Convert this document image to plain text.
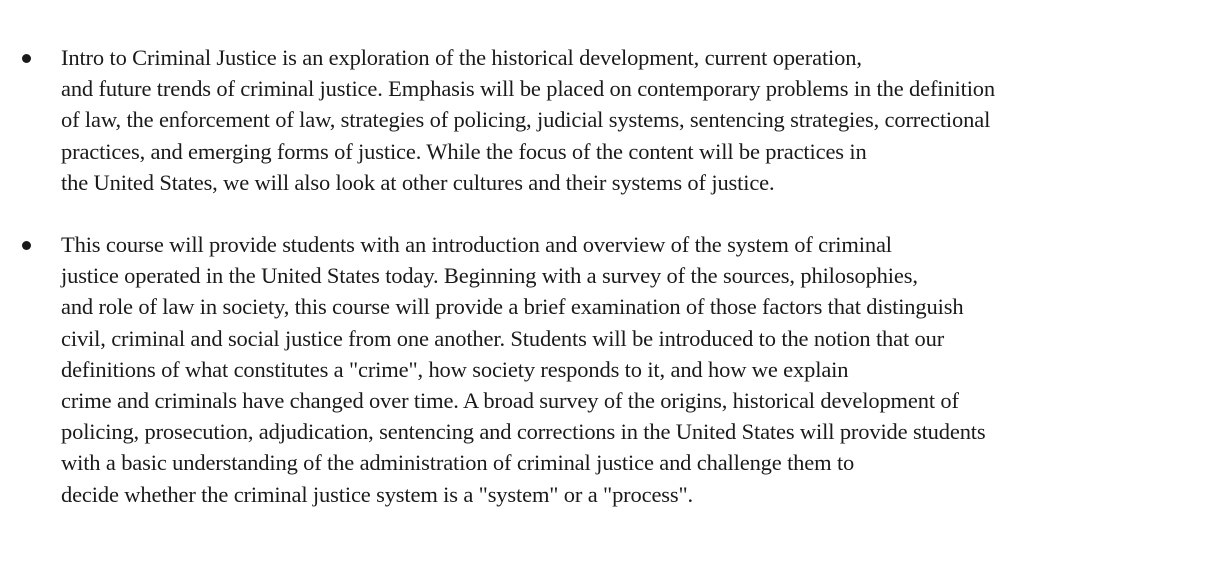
Intro to Criminal Justice is an exploration of the historical development, current operation,
and future trends of criminal justice. Emphasis will be placed on contemporary problems in the definition
of law, the enforcement of law, strategies of policing, judicial systems, sentencing strategies, correctional
practices, and emerging forms of justice. While the focus of the content will be practices in
the United States, we will also look at other cultures and their systems of justice.
This course will provide students with an introduction and overview of the system of criminal
justice operated in the United States today. Beginning with a survey of the sources, philosophies,
and role of law in society, this course will provide a brief examination of those factors that distinguish
civil, criminal and social justice from one another. Students will be introduced to the notion that our
definitions of what constitutes a "crime", how society responds to it, and how we explain
crime and criminals have changed over time. A broad survey of the origins, historical development of
policing, prosecution, adjudication, sentencing and corrections in the United States will provide students
with a basic understanding of the administration of criminal justice and challenge them to
decide whether the criminal justice system is a "system" or a "process".
